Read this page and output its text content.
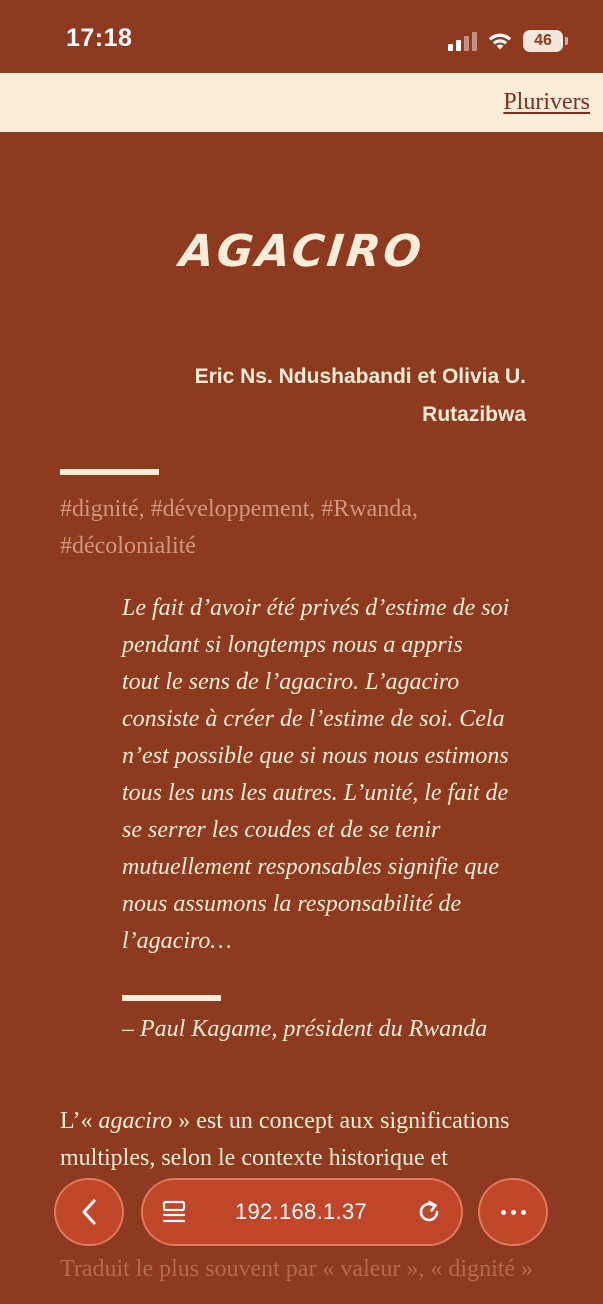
17:18	46
Plurivers
AGACIRO
Eric Ns. Ndushabandi et Olivia U.
Rutazibwa
#dignité, #développement, #Rwanda,
#décolonialité
Le fait d’avoir été privés d’estime de soi
pendant si longtemps nous a appris
tout le sens de l’agaciro. L’agaciro
consiste à créer de l’estime de soi. Cela
n’est possible que si nous nous estimons
tous les uns les autres. L’unité, le fait de
se serrer les coudes et de se tenir
mutuellement responsables signifie que
nous assumons la responsabilité de
l’agaciro…
– Paul Kagame, président du Rwanda
L’« agaciro » est un concept aux significations
multiples, selon le contexte historique et

Traduit le plus souvent par « valeur », « dignité »
192.168.1.37
